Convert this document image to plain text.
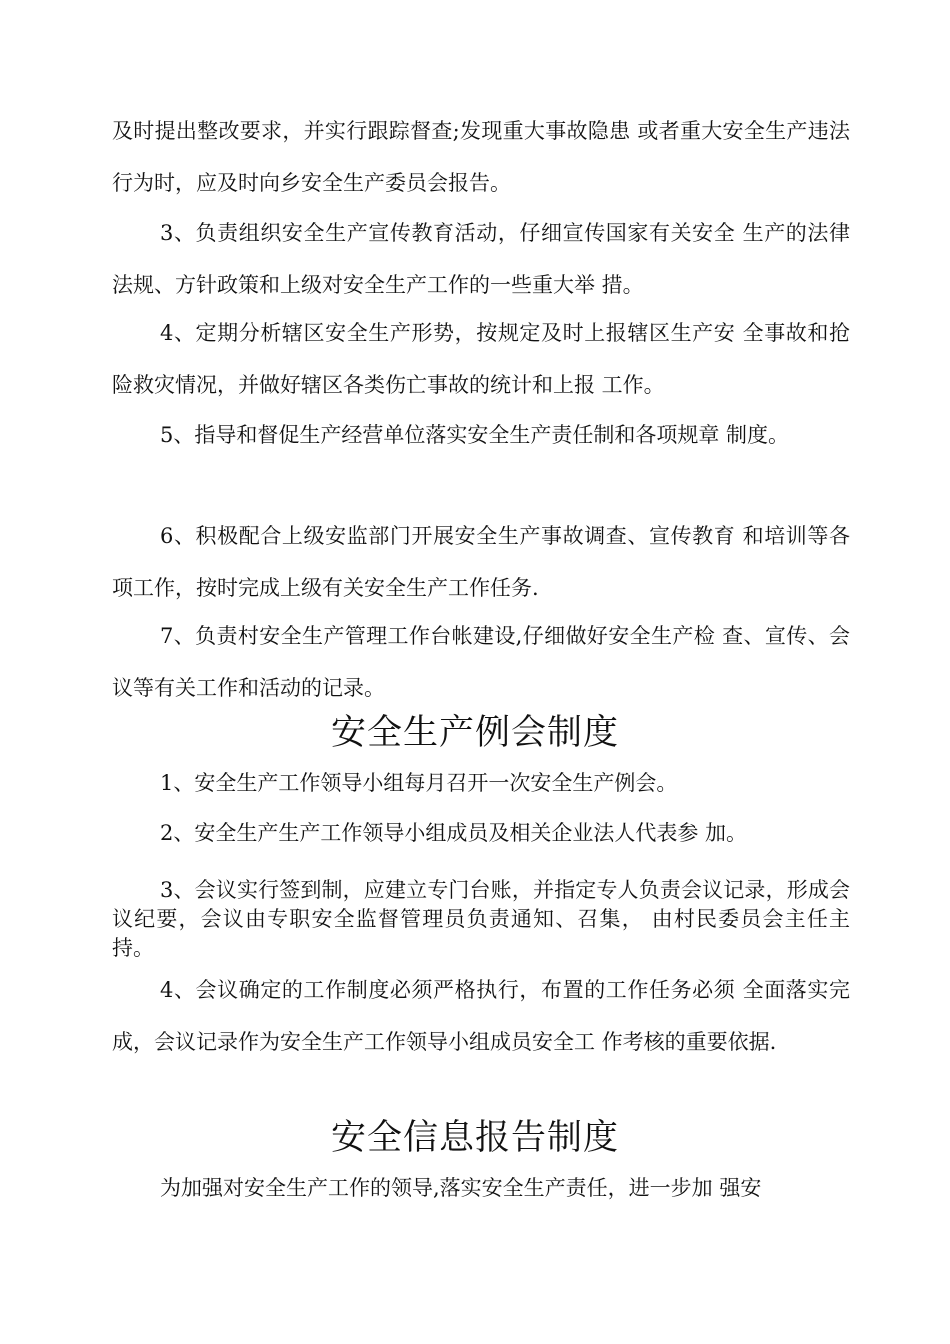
及时提出整改要求，并实行跟踪督查;发现重大事故隐患 或者重大安全生产违法行为时，应及时向乡安全生产委员会报告。

3、负责组织安全生产宣传教育活动，仔细宣传国家有关安全 生产的法律法规、方针政策和上级对安全生产工作的一些重大举 措。

4、定期分析辖区安全生产形势，按规定及时上报辖区生产安 全事故和抢险救灾情况，并做好辖区各类伤亡事故的统计和上报 工作。

5、指导和督促生产经营单位落实安全生产责任制和各项规章 制度。

6、积极配合上级安监部门开展安全生产事故调查、宣传教育 和培训等各项工作，按时完成上级有关安全生产工作任务.

7、负责村安全生产管理工作台帐建设,仔细做好安全生产检 查、宣传、会议等有关工作和活动的记录。

安全生产例会制度

1、安全生产工作领导小组每月召开一次安全生产例会。

2、安全生产生产工作领导小组成员及相关企业法人代表参 加。

3、会议实行签到制，应建立专门台账，并指定专人负责会议记录，形成会议纪要，会议由专职安全监督管理员负责通知、召集， 由村民委员会主任主持。

4、会议确定的工作制度必须严格执行，布置的工作任务必须 全面落实完成，会议记录作为安全生产工作领导小组成员安全工 作考核的重要依据.

安全信息报告制度

为加强对安全生产工作的领导,落实安全生产责任，进一步加 强安
